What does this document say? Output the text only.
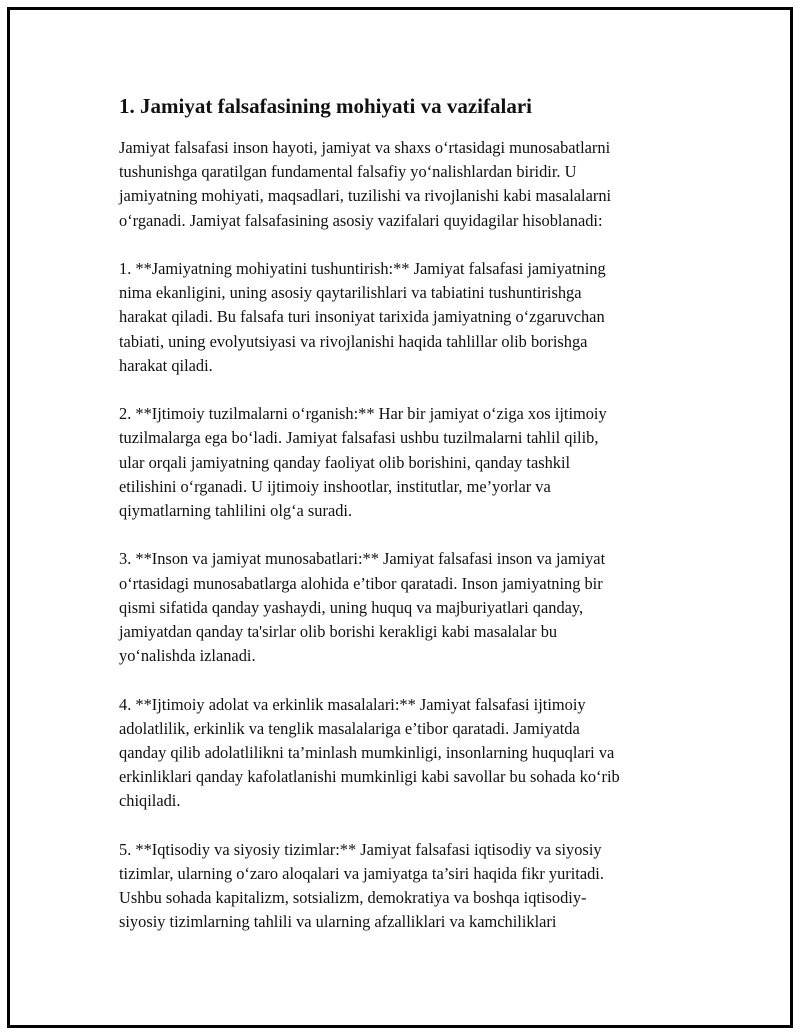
1. Jamiyat falsafasining mohiyati va vazifalari
Jamiyat falsafasi inson hayoti, jamiyat va shaxs o‘rtasidagi munosabatlarni
tushunishga qaratilgan fundamental falsafiy yo‘nalishlardan biridir. U
jamiyatning mohiyati, maqsadlari, tuzilishi va rivojlanishi kabi masalalarni
o‘rganadi. Jamiyat falsafasining asosiy vazifalari quyidagilar hisoblanadi:
1. **Jamiyatning mohiyatini tushuntirish:** Jamiyat falsafasi jamiyatning
nima ekanligini, uning asosiy qaytarilishlari va tabiatini tushuntirishga
harakat qiladi. Bu falsafa turi insoniyat tarixida jamiyatning o‘zgaruvchan
tabiati, uning evolyutsiyasi va rivojlanishi haqida tahlillar olib borishga
harakat qiladi.
2. **Ijtimoiy tuzilmalarni o‘rganish:** Har bir jamiyat o‘ziga xos ijtimoiy
tuzilmalarga ega bo‘ladi. Jamiyat falsafasi ushbu tuzilmalarni tahlil qilib,
ular orqali jamiyatning qanday faoliyat olib borishini, qanday tashkil
etilishini o‘rganadi. U ijtimoiy inshootlar, institutlar, me’yorlar va
qiymatlarning tahlilini olg‘a suradi.
3. **Inson va jamiyat munosabatlari:** Jamiyat falsafasi inson va jamiyat
o‘rtasidagi munosabatlarga alohida e’tibor qaratadi. Inson jamiyatning bir
qismi sifatida qanday yashaydi, uning huquq va majburiyatlari qanday,
jamiyatdan qanday ta'sirlar olib borishi kerakligi kabi masalalar bu
yo‘nalishda izlanadi.
4. **Ijtimoiy adolat va erkinlik masalalari:** Jamiyat falsafasi ijtimoiy
adolatlilik, erkinlik va tenglik masalalariga e’tibor qaratadi. Jamiyatda
qanday qilib adolatlilikni ta’minlash mumkinligi, insonlarning huquqlari va
erkinliklari qanday kafolatlanishi mumkinligi kabi savollar bu sohada ko‘rib
chiqiladi.
5. **Iqtisodiy va siyosiy tizimlar:** Jamiyat falsafasi iqtisodiy va siyosiy
tizimlar, ularning o‘zaro aloqalari va jamiyatga ta’siri haqida fikr yuritadi.
Ushbu sohada kapitalizm, sotsializm, demokratiya va boshqa iqtisodiy-
siyosiy tizimlarning tahlili va ularning afzalliklari va kamchiliklari
